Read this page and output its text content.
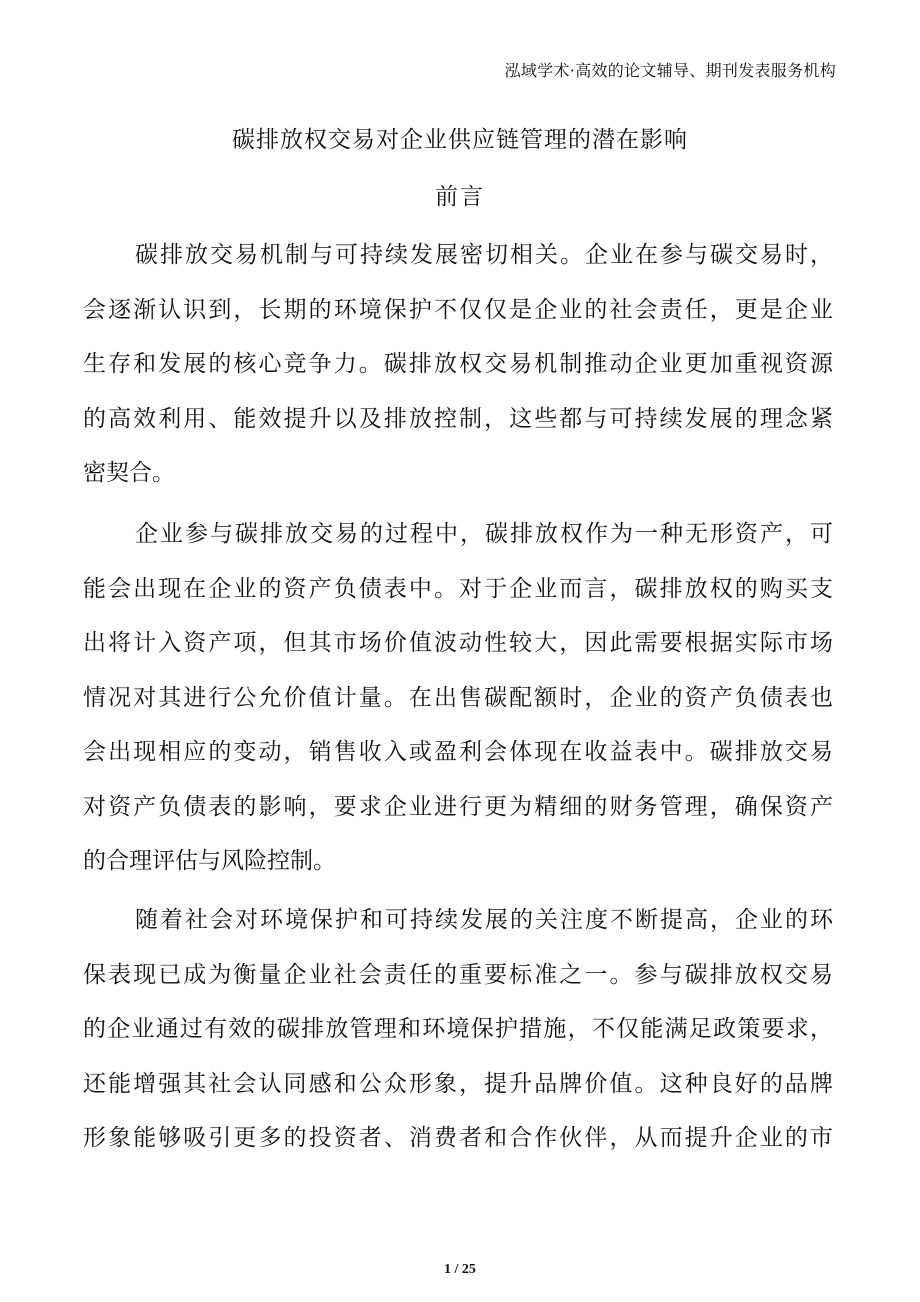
泓域学术·高效的论文辅导、期刊发表服务机构
碳排放权交易对企业供应链管理的潜在影响
前言

碳排放交易机制与可持续发展密切相关。企业在参与碳交易时，
会逐渐认识到，长期的环境保护不仅仅是企业的社会责任，更是企业
生存和发展的核心竞争力。碳排放权交易机制推动企业更加重视资源
的高效利用、能效提升以及排放控制，这些都与可持续发展的理念紧
密契合。

企业参与碳排放交易的过程中，碳排放权作为一种无形资产，可
能会出现在企业的资产负债表中。对于企业而言，碳排放权的购买支
出将计入资产项，但其市场价值波动性较大，因此需要根据实际市场
情况对其进行公允价值计量。在出售碳配额时，企业的资产负债表也
会出现相应的变动，销售收入或盈利会体现在收益表中。碳排放交易
对资产负债表的影响，要求企业进行更为精细的财务管理，确保资产
的合理评估与风险控制。

随着社会对环境保护和可持续发展的关注度不断提高，企业的环
保表现已成为衡量企业社会责任的重要标准之一。参与碳排放权交易
的企业通过有效的碳排放管理和环境保护措施，不仅能满足政策要求，
还能增强其社会认同感和公众形象，提升品牌价值。这种良好的品牌
形象能够吸引更多的投资者、消费者和合作伙伴，从而提升企业的市

1 / 25
